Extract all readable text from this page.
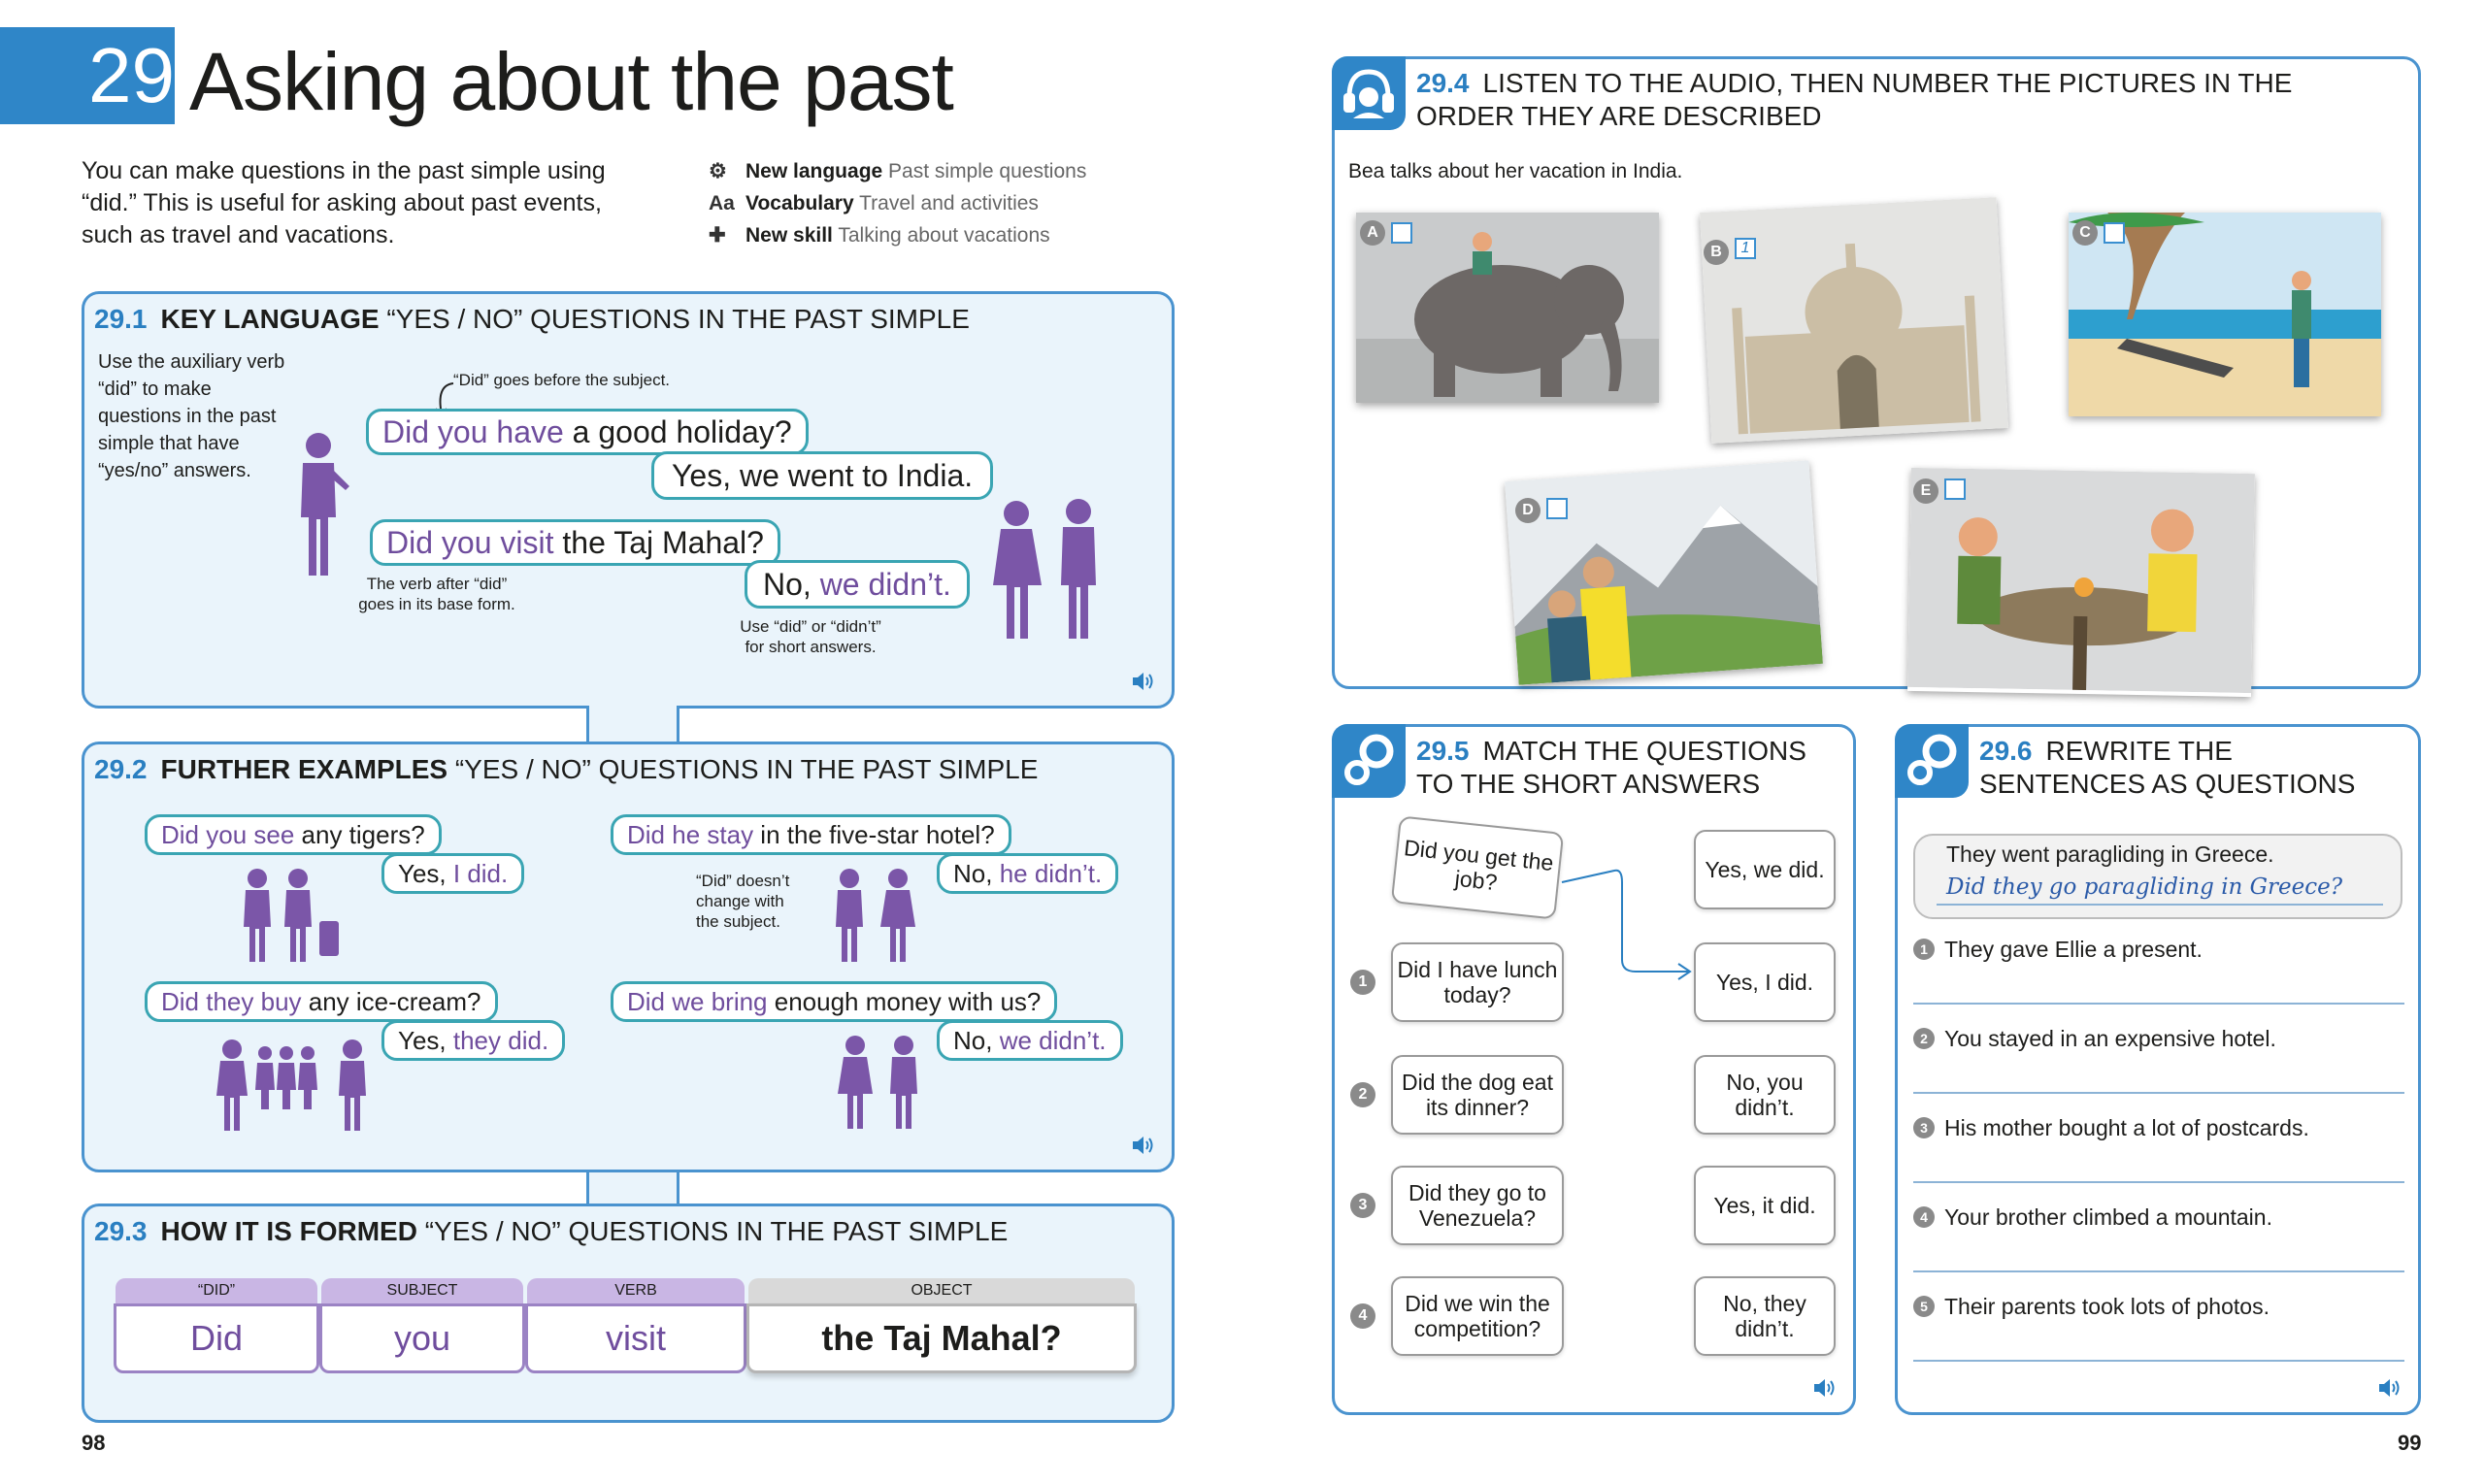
29 Asking about the past
You can make questions in the past simple using “did.” This is useful for asking about past events, such as travel and vacations.
⚙ New language Past simple questions
Aa Vocabulary Travel and activities
✚ New skill Talking about vacations
29.1 KEY LANGUAGE “YES / NO” QUESTIONS IN THE PAST SIMPLE
Use the auxiliary verb “did” to make questions in the past simple that have “yes/no” answers.
“Did” goes before the subject.
Did you have a good holiday?
Yes, we went to India.
Did you visit the Taj Mahal?
No, we didn’t.
The verb after “did” goes in its base form.
Use “did” or “didn’t” for short answers.
29.2 FURTHER EXAMPLES “YES / NO” QUESTIONS IN THE PAST SIMPLE
Did you see any tigers?
Yes, I did.
Did he stay in the five-star hotel?
No, he didn’t.
“Did” doesn’t change with the subject.
Did they buy any ice-cream?
Yes, they did.
Did we bring enough money with us?
No, we didn’t.
29.3 HOW IT IS FORMED “YES / NO” QUESTIONS IN THE PAST SIMPLE
“DID”	SUBJECT	VERB	OBJECT
Did	you	visit	the Taj Mahal?
98
29.4 LISTEN TO THE AUDIO, THEN NUMBER THE PICTURES IN THE ORDER THEY ARE DESCRIBED
Bea talks about her vacation in India.
A
B	1
C
D
E
29.5 MATCH THE QUESTIONS TO THE SHORT ANSWERS
Did you get the job?
Did I have lunch today?
Did the dog eat its dinner?
Did they go to Venezuela?
Did we win the competition?
1
2
3
4
Yes, we did.
Yes, I did.
No, you didn’t.
Yes, it did.
No, they didn’t.
29.6 REWRITE THE SENTENCES AS QUESTIONS
They went paragliding in Greece.
Did they go paragliding in Greece?
1 They gave Ellie a present.
2 You stayed in an expensive hotel.
3 His mother bought a lot of postcards.
4 Your brother climbed a mountain.
5 Their parents took lots of photos.
99
